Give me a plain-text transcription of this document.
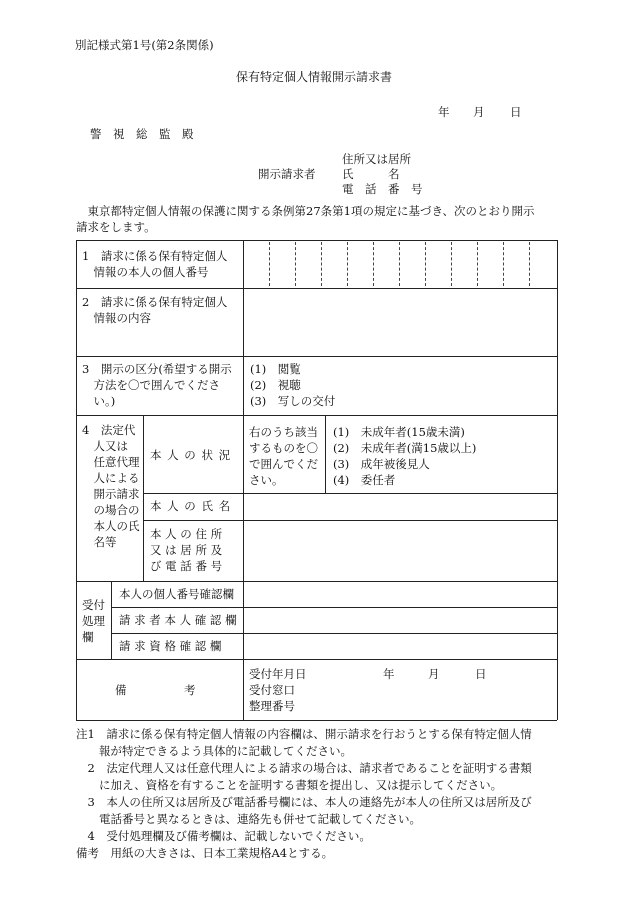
別記様式第1号(第2条関係)
保有特定個人情報開示請求書
年 月 日
警　視　総　監　殿
住所又は居所
開示請求者 氏　　　名
電　話　番　号
　東京都特定個人情報の保護に関する条例第27条第1項の規定に基づき、次のとおり開示
請求をします。
1　請求に係る保有特定個人
　情報の本人の個人番号
2　請求に係る保有特定個人
　情報の内容
3　開示の区分(希望する開示
　方法を〇で囲んでくださ
　い。)
(1)　閲覧
(2)　視聴
(3)　写しの交付
4　法定代
　人又は
　任意代理
　人による
　開示請求
　の場合の
　本人の氏
　名等
本 人 の 状 況
右のうち該当
するものを〇
で囲んでくだ
さい。
(1)　未成年者(15歳未満)
(2)　未成年者(満15歳以上)
(3)　成年被後見人
(4)　委任者
本 人 の 氏 名
本 人 の 住 所
又 は 居 所 及
び 電 話 番 号
受付
処理
欄
本人の個人番号確認欄
請 求 者 本 人 確 認 欄
請 求 資 格 確 認 欄
備　　　　　考
受付年月日
受付窓口
整理番号
年	月	日
注1　請求に係る保有特定個人情報の内容欄は、開示請求を行おうとする保有特定個人情
　　報が特定できるよう具体的に記載してください。
　2　法定代理人又は任意代理人による請求の場合は、請求者であることを証明する書類
　　に加え、資格を有することを証明する書類を提出し、又は提示してください。
　3　本人の住所又は居所及び電話番号欄には、本人の連絡先が本人の住所又は居所及び
　　電話番号と異なるときは、連絡先も併せて記載してください。
　4　受付処理欄及び備考欄は、記載しないでください。
備考　用紙の大きさは、日本工業規格A4とする。
